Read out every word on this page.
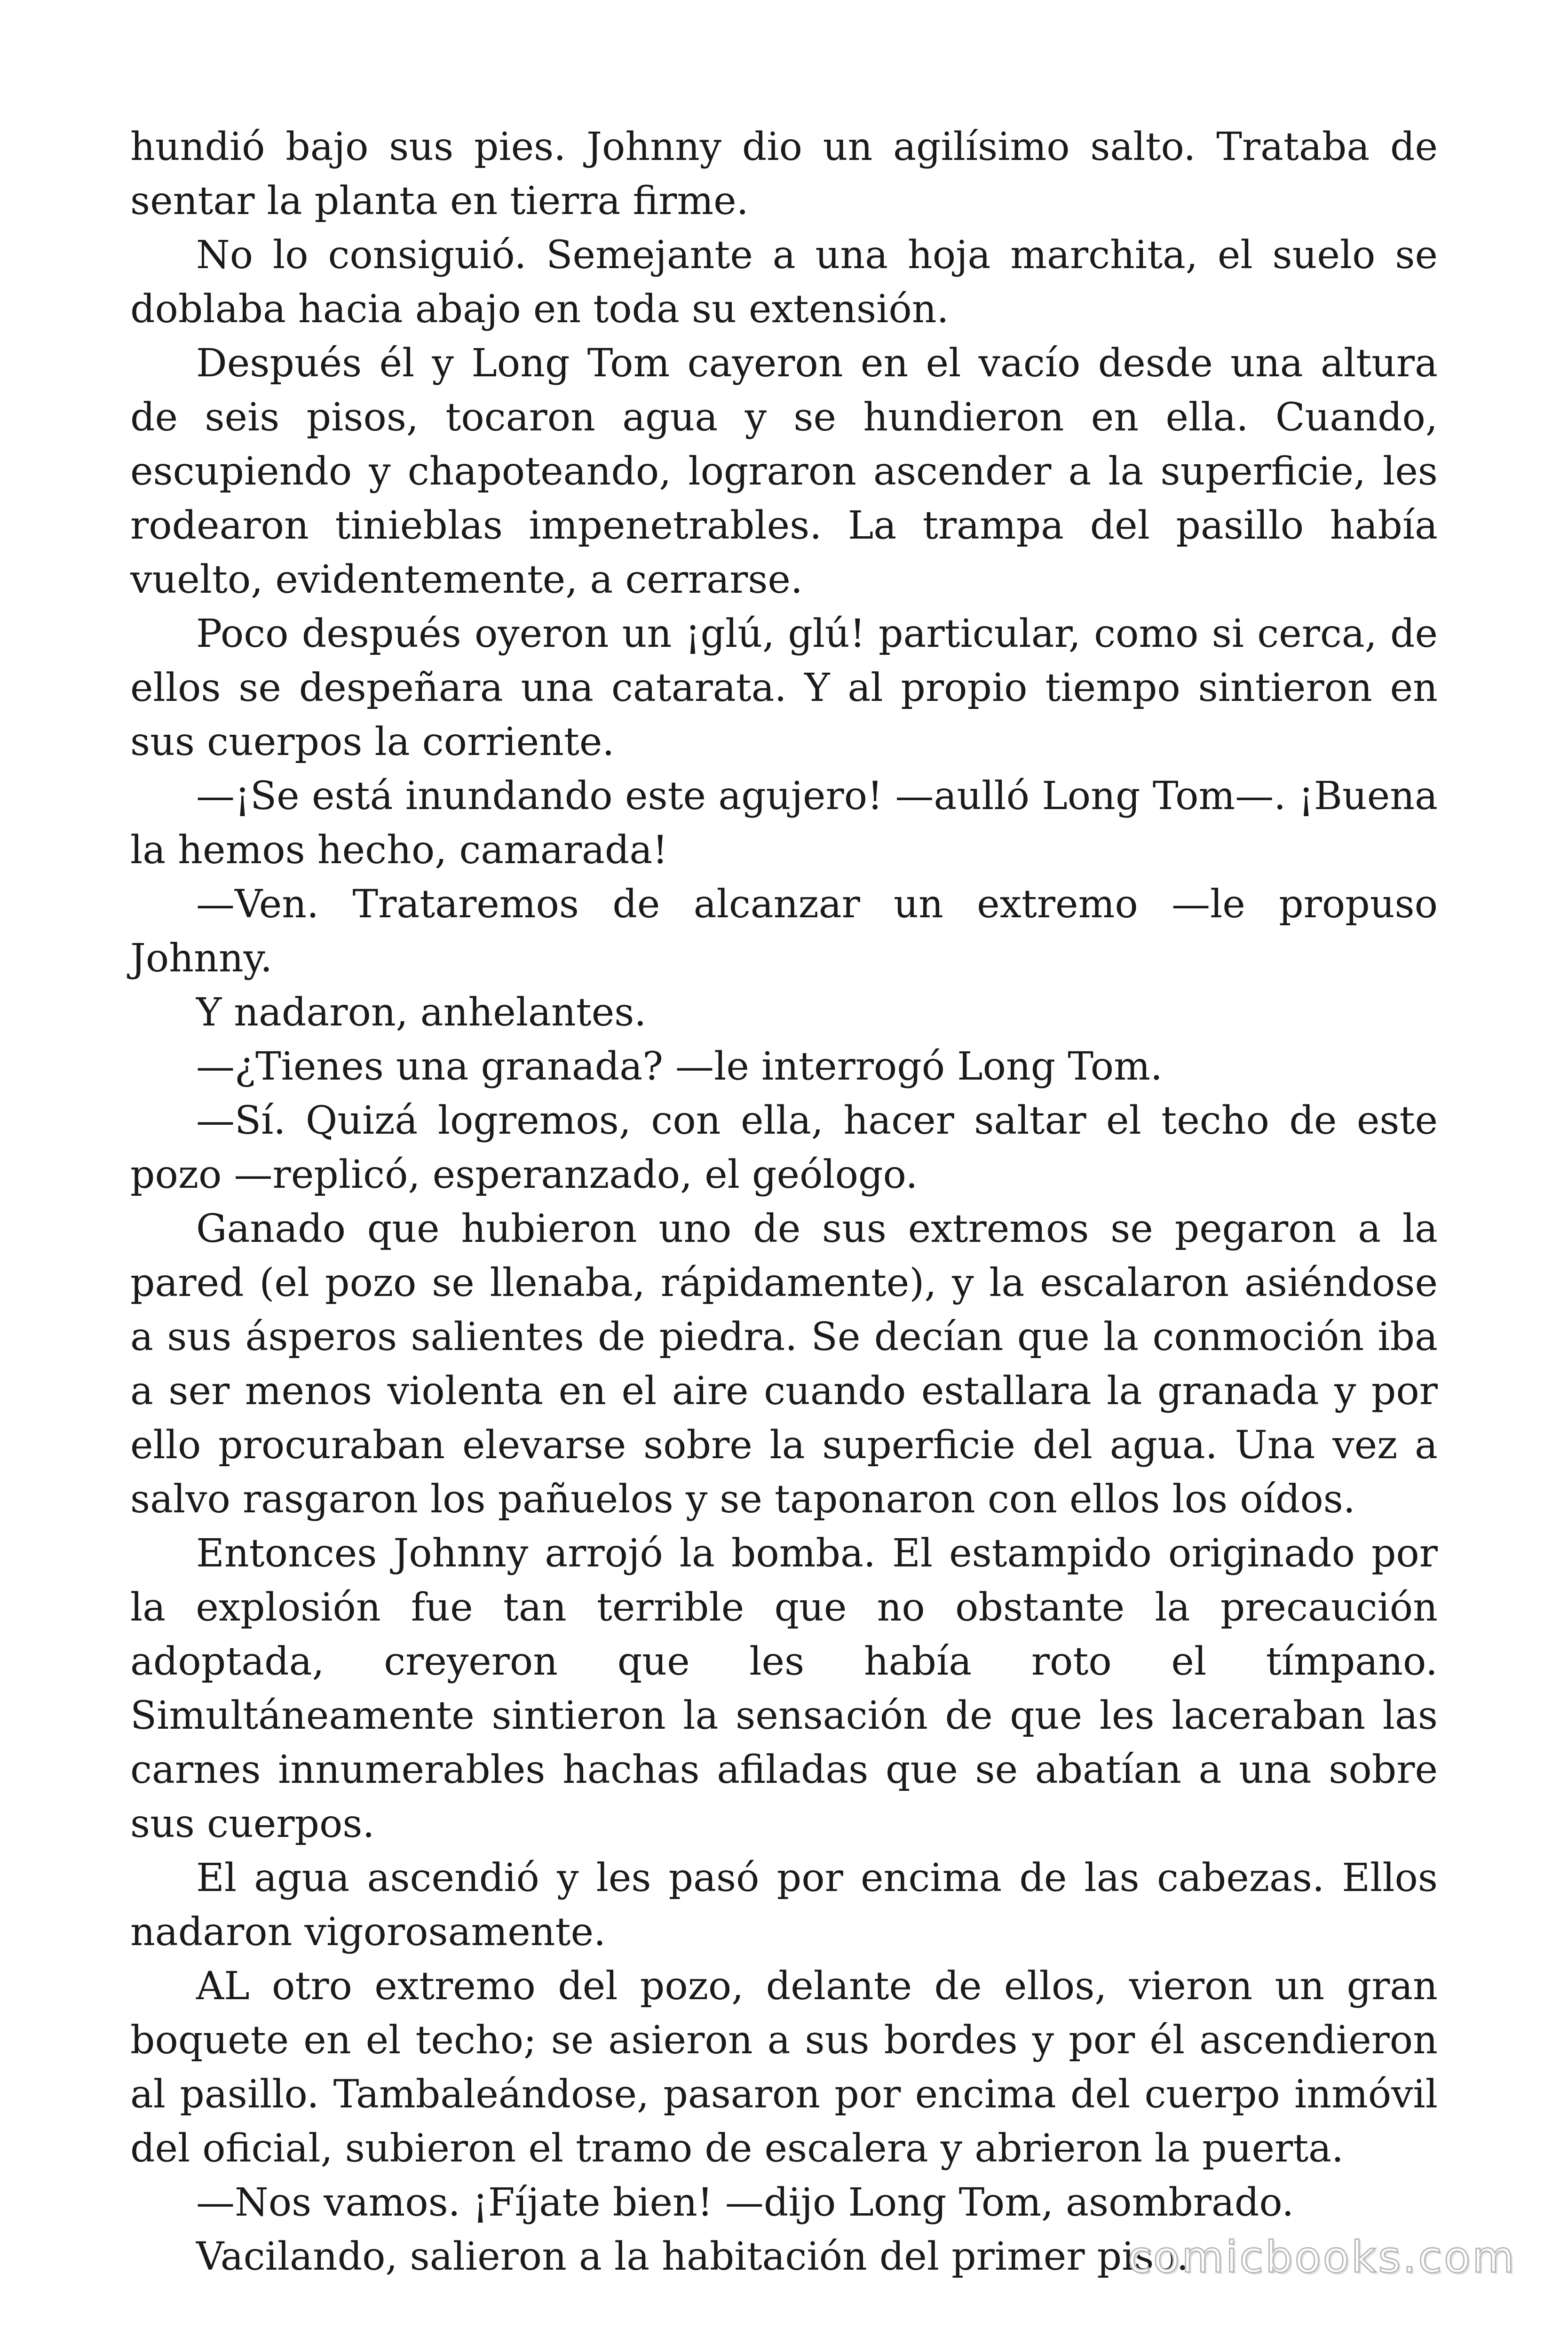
hundió bajo sus pies. Johnny dio un agilísimo salto. Trataba de sentar la planta en tierra firme.

No lo consiguió. Semejante a una hoja marchita, el suelo se doblaba hacia abajo en toda su extensión.

Después él y Long Tom cayeron en el vacío desde una altura de seis pisos, tocaron agua y se hundieron en ella. Cuando, escupiendo y chapoteando, lograron ascender a la superficie, les rodearon tinieblas impenetrables. La trampa del pasillo había vuelto, evidentemente, a cerrarse.

Poco después oyeron un ¡glú, glú! particular, como si cerca, de ellos se despeñara una catarata. Y al propio tiempo sintieron en sus cuerpos la corriente.

—¡Se está inundando este agujero! —aulló Long Tom—. ¡Buena la hemos hecho, camarada!

—Ven. Trataremos de alcanzar un extremo —le propuso Johnny.

Y nadaron, anhelantes.

—¿Tienes una granada? —le interrogó Long Tom.

—Sí. Quizá logremos, con ella, hacer saltar el techo de este pozo —replicó, esperanzado, el geólogo.

Ganado que hubieron uno de sus extremos se pegaron a la pared (el pozo se llenaba, rápidamente), y la escalaron asiéndose a sus ásperos salientes de piedra. Se decían que la conmoción iba a ser menos violenta en el aire cuando estallara la granada y por ello procuraban elevarse sobre la superficie del agua. Una vez a salvo rasgaron los pañuelos y se taponaron con ellos los oídos.

Entonces Johnny arrojó la bomba. El estampido originado por la explosión fue tan terrible que no obstante la precaución adoptada, creyeron que les había roto el tímpano. Simultáneamente sintieron la sensación de que les laceraban las carnes innumerables hachas afiladas que se abatían a una sobre sus cuerpos.

El agua ascendió y les pasó por encima de las cabezas. Ellos nadaron vigorosamente.

AL otro extremo del pozo, delante de ellos, vieron un gran boquete en el techo; se asieron a sus bordes y por él ascendieron al pasillo. Tambaleándose, pasaron por encima del cuerpo inmóvil del oficial, subieron el tramo de escalera y abrieron la puerta.

—Nos vamos. ¡Fíjate bien! —dijo Long Tom, asombrado.

Vacilando, salieron a la habitación del primer piso.

comicbooks.com
